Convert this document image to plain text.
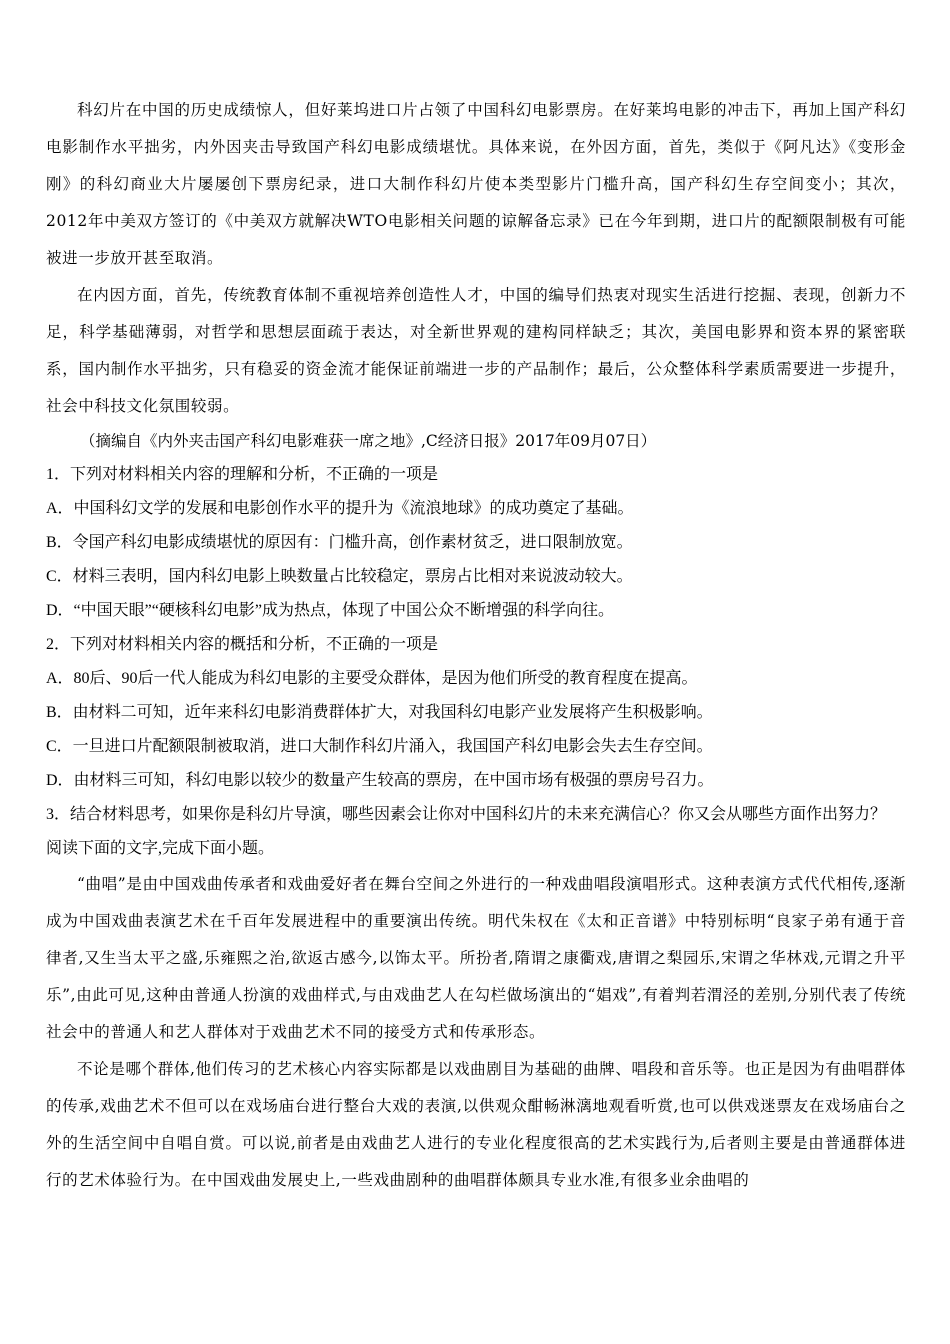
科幻片在中国的历史成绩惊人，但好莱坞进口片占领了中国科幻电影票房。在好莱坞电影的冲击下，再加上国产科幻电影制作水平拙劣，内外因夹击导致国产科幻电影成绩堪忧。具体来说，在外因方面，首先，类似于《阿凡达》《变形金刚》的科幻商业大片屡屡创下票房纪录，进口大制作科幻片使本类型影片门槛升高，国产科幻生存空间变小；其次，2012年中美双方签订的《中美双方就解决WTO电影相关问题的谅解备忘录》已在今年到期，进口片的配额限制极有可能被进一步放开甚至取消。

在内因方面，首先，传统教育体制不重视培养创造性人才，中国的编导们热衷对现实生活进行挖掘、表现，创新力不足，科学基础薄弱，对哲学和思想层面疏于表达，对全新世界观的建构同样缺乏；其次，美国电影界和资本界的紧密联系，国内制作水平拙劣，只有稳妥的资金流才能保证前端进一步的产品制作；最后，公众整体科学素质需要进一步提升，社会中科技文化氛围较弱。

（摘编自《内外夹击国产科幻电影难获一席之地》,C经济日报》2017年09月07日）

1．下列对材料相关内容的理解和分析，不正确的一项是

A．中国科幻文学的发展和电影创作水平的提升为《流浪地球》的成功奠定了基础。

B．令国产科幻电影成绩堪忧的原因有：门槛升高，创作素材贫乏，进口限制放宽。

C．材料三表明，国内科幻电影上映数量占比较稳定，票房占比相对来说波动较大。

D．“中国天眼”“硬核科幻电影”成为热点，体现了中国公众不断增强的科学向往。

2．下列对材料相关内容的概括和分析，不正确的一项是

A．80后、90后一代人能成为科幻电影的主要受众群体，是因为他们所受的教育程度在提高。

B．由材料二可知，近年来科幻电影消费群体扩大，对我国科幻电影产业发展将产生积极影响。

C．一旦进口片配额限制被取消，进口大制作科幻片涌入，我国国产科幻电影会失去生存空间。

D．由材料三可知，科幻电影以较少的数量产生较高的票房，在中国市场有极强的票房号召力。

3．结合材料思考，如果你是科幻片导演，哪些因素会让你对中国科幻片的未来充满信心？你又会从哪些方面作出努力？

阅读下面的文字,完成下面小题。

“曲唱”是由中国戏曲传承者和戏曲爱好者在舞台空间之外进行的一种戏曲唱段演唱形式。这种表演方式代代相传,逐渐成为中国戏曲表演艺术在千百年发展进程中的重要演出传统。明代朱权在《太和正音谱》中特别标明“良家子弟有通于音律者,又生当太平之盛,乐雍熙之治,欲返古感今,以饰太平。所扮者,隋谓之康衢戏,唐谓之梨园乐,宋谓之华林戏,元谓之升平乐”,由此可见,这种由普通人扮演的戏曲样式,与由戏曲艺人在勾栏做场演出的“娼戏”,有着判若渭泾的差别,分别代表了传统社会中的普通人和艺人群体对于戏曲艺术不同的接受方式和传承形态。

不论是哪个群体,他们传习的艺术核心内容实际都是以戏曲剧目为基础的曲牌、唱段和音乐等。也正是因为有曲唱群体的传承,戏曲艺术不但可以在戏场庙台进行整台大戏的表演,以供观众酣畅淋漓地观看听赏,也可以供戏迷票友在戏场庙台之外的生活空间中自唱自赏。可以说,前者是由戏曲艺人进行的专业化程度很高的艺术实践行为,后者则主要是由普通群体进行的艺术体验行为。在中国戏曲发展史上,一些戏曲剧种的曲唱群体颇具专业水准,有很多业余曲唱的
